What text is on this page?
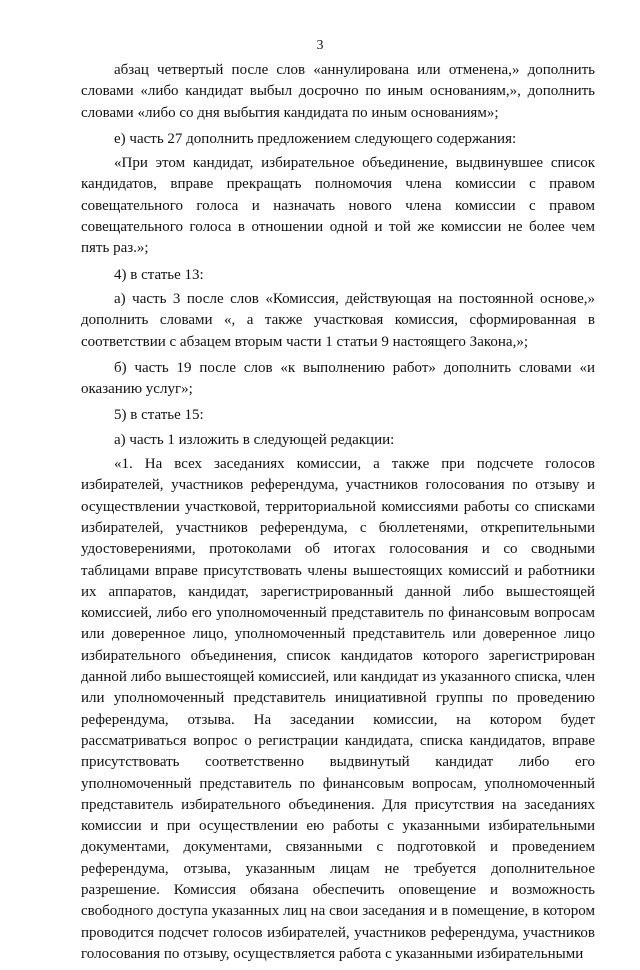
3

абзац четвертый после слов «аннулирована или отменена,» дополнить словами «либо кандидат выбыл досрочно по иным основаниям,», дополнить словами «либо со дня выбытия кандидата по иным основаниям»;

е) часть 27 дополнить предложением следующего содержания:

«При этом кандидат, избирательное объединение, выдвинувшее список кандидатов, вправе прекращать полномочия члена комиссии с правом совещательного голоса и назначать нового члена комиссии с правом совещательного голоса в отношении одной и той же комиссии не более чем пять раз.»;

4) в статье 13:

а) часть 3 после слов «Комиссия, действующая на постоянной основе,» дополнить словами «, а также участковая комиссия, сформированная в соответствии с абзацем вторым части 1 статьи 9 настоящего Закона,»;

б) часть 19 после слов «к выполнению работ» дополнить словами «и оказанию услуг»;

5) в статье 15:

а) часть 1 изложить в следующей редакции:

«1. На всех заседаниях комиссии, а также при подсчете голосов избирателей, участников референдума, участников голосования по отзыву и осуществлении участковой, территориальной комиссиями работы со списками избирателей, участников референдума, с бюллетенями, открепительными удостоверениями, протоколами об итогах голосования и со сводными таблицами вправе присутствовать члены вышестоящих комиссий и работники их аппаратов, кандидат, зарегистрированный данной либо вышестоящей комиссией, либо его уполномоченный представитель по финансовым вопросам или доверенное лицо, уполномоченный представитель или доверенное лицо избирательного объединения, список кандидатов которого зарегистрирован данной либо вышестоящей комиссией, или кандидат из указанного списка, член или уполномоченный представитель инициативной группы по проведению референдума, отзыва. На заседании комиссии, на котором будет рассматриваться вопрос о регистрации кандидата, списка кандидатов, вправе присутствовать соответственно выдвинутый кандидат либо его уполномоченный представитель по финансовым вопросам, уполномоченный представитель избирательного объединения. Для присутствия на заседаниях комиссии и при осуществлении ею работы с указанными избирательными документами, документами, связанными с подготовкой и проведением референдума, отзыва, указанным лицам не требуется дополнительное разрешение. Комиссия обязана обеспечить оповещение и возможность свободного доступа указанных лиц на свои заседания и в помещение, в котором проводится подсчет голосов избирателей, участников референдума, участников голосования по отзыву, осуществляется работа с указанными избирательными
